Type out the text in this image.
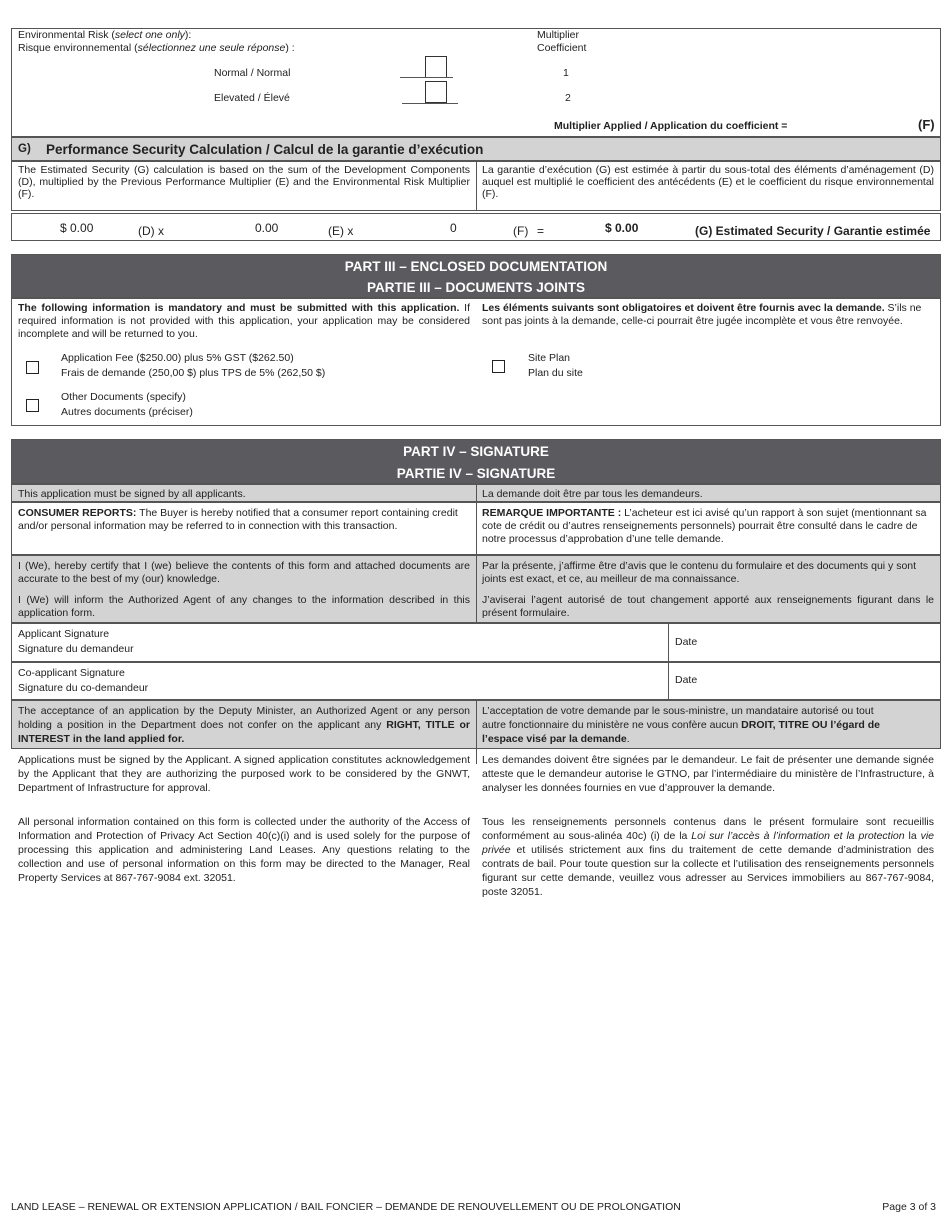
Environmental Risk (select one only):
Risque environnemental (sélectionnez une seule réponse) :
Multiplier
Coefficient
Normal / Normal	1
Elevated / Élevé	2
Multiplier Applied / Application du coefficient =	(F)
G) Performance Security Calculation / Calcul de la garantie d’exécution
The Estimated Security (G) calculation is based on the sum of the Development Components (D), multiplied by the Previous Performance Multiplier (E) and the Environmental Risk Multiplier (F).
La garantie d’exécution (G) est estimée à partir du sous-total des éléments d’aménagement (D) auquel est multiplié le coefficient des antécédents (E) et le coefficient du risque environnemental (F).
$ 0.00	(D) x	0.00	(E) x	0	(F) =	$ 0.00	(G) Estimated Security / Garantie estimée
PART III – ENCLOSED DOCUMENTATION
PARTIE III – DOCUMENTS JOINTS
The following information is mandatory and must be submitted with this application. If required information is not provided with this application, your application may be considered incomplete and will be returned to you.
Les éléments suivants sont obligatoires et doivent être fournis avec la demande. S’ils ne sont pas joints à la demande, celle-ci pourrait être jugée incomplète et vous être renvoyée.
Application Fee ($250.00) plus 5% GST ($262.50)
Frais de demande (250,00 $) plus TPS de 5% (262,50 $)
Site Plan
Plan du site
Other Documents (specify)
Autres documents (préciser)
PART IV – SIGNATURE
PARTIE IV – SIGNATURE
This application must be signed by all applicants.	La demande doit être par tous les demandeurs.
CONSUMER REPORTS: The Buyer is hereby notified that a consumer report containing credit and/or personal information may be referred to in connection with this transaction.
REMARQUE IMPORTANTE : L’acheteur est ici avisé qu’un rapport à son sujet (mentionnant sa cote de crédit ou d’autres renseignements personnels) pourrait être consulté dans le cadre de notre processus d’approbation d’une telle demande.
I (We), hereby certify that I (we) believe the contents of this form and attached documents are accurate to the best of my (our) knowledge.
I (We) will inform the Authorized Agent of any changes to the information described in this application form.
Par la présente, j’affirme être d’avis que le contenu du formulaire et des documents qui y sont joints est exact, et ce, au meilleur de ma connaissance.
J’aviserai l’agent autorisé de tout changement apporté aux renseignements figurant dans le présent formulaire.
Applicant Signature
Signature du demandeur
Date
Co-applicant Signature
Signature du co-demandeur
Date
The acceptance of an application by the Deputy Minister, an Authorized Agent or any person holding a position in the Department does not confer on the applicant any RIGHT, TITLE or INTEREST in the land applied for.
L’acceptation de votre demande par le sous-ministre, un mandataire autorisé ou tout autre fonctionnaire du ministère ne vous confère aucun DROIT, TITRE OU l’égard de l’espace visé par la demande.
Applications must be signed by the Applicant. A signed application constitutes acknowledgement by the Applicant that they are authorizing the purposed work to be considered by the GNWT, Department of Infrastructure for approval.
Les demandes doivent être signées par le demandeur. Le fait de présenter une demande signée atteste que le demandeur autorise le GTNO, par l’intermédiaire du ministère de l’Infrastructure, à analyser les données fournies en vue d’approuver la demande.
All personal information contained on this form is collected under the authority of the Access of Information and Protection of Privacy Act Section 40(c)(i) and is used solely for the purpose of processing this application and administering Land Leases. Any questions relating to the collection and use of personal information on this form may be directed to the Manager, Real Property Services at 867-767-9084 ext. 32051.
Tous les renseignements personnels contenus dans le présent formulaire sont recueillis conformément au sous-alinéa 40c) (i) de la Loi sur l’accès à l’information et la protection la vie privée et utilisés strictement aux fins du traitement de cette demande d’administration des contrats de bail. Pour toute question sur la collecte et l’utilisation des renseignements personnels figurant sur cette demande, veuillez vous adresser au Services immobiliers au 867-767-9084, poste 32051.
LAND LEASE – RENEWAL OR EXTENSION APPLICATION / BAIL FONCIER – DEMANDE DE RENOUVELLEMENT OU DE PROLONGATION	Page 3 of 3
